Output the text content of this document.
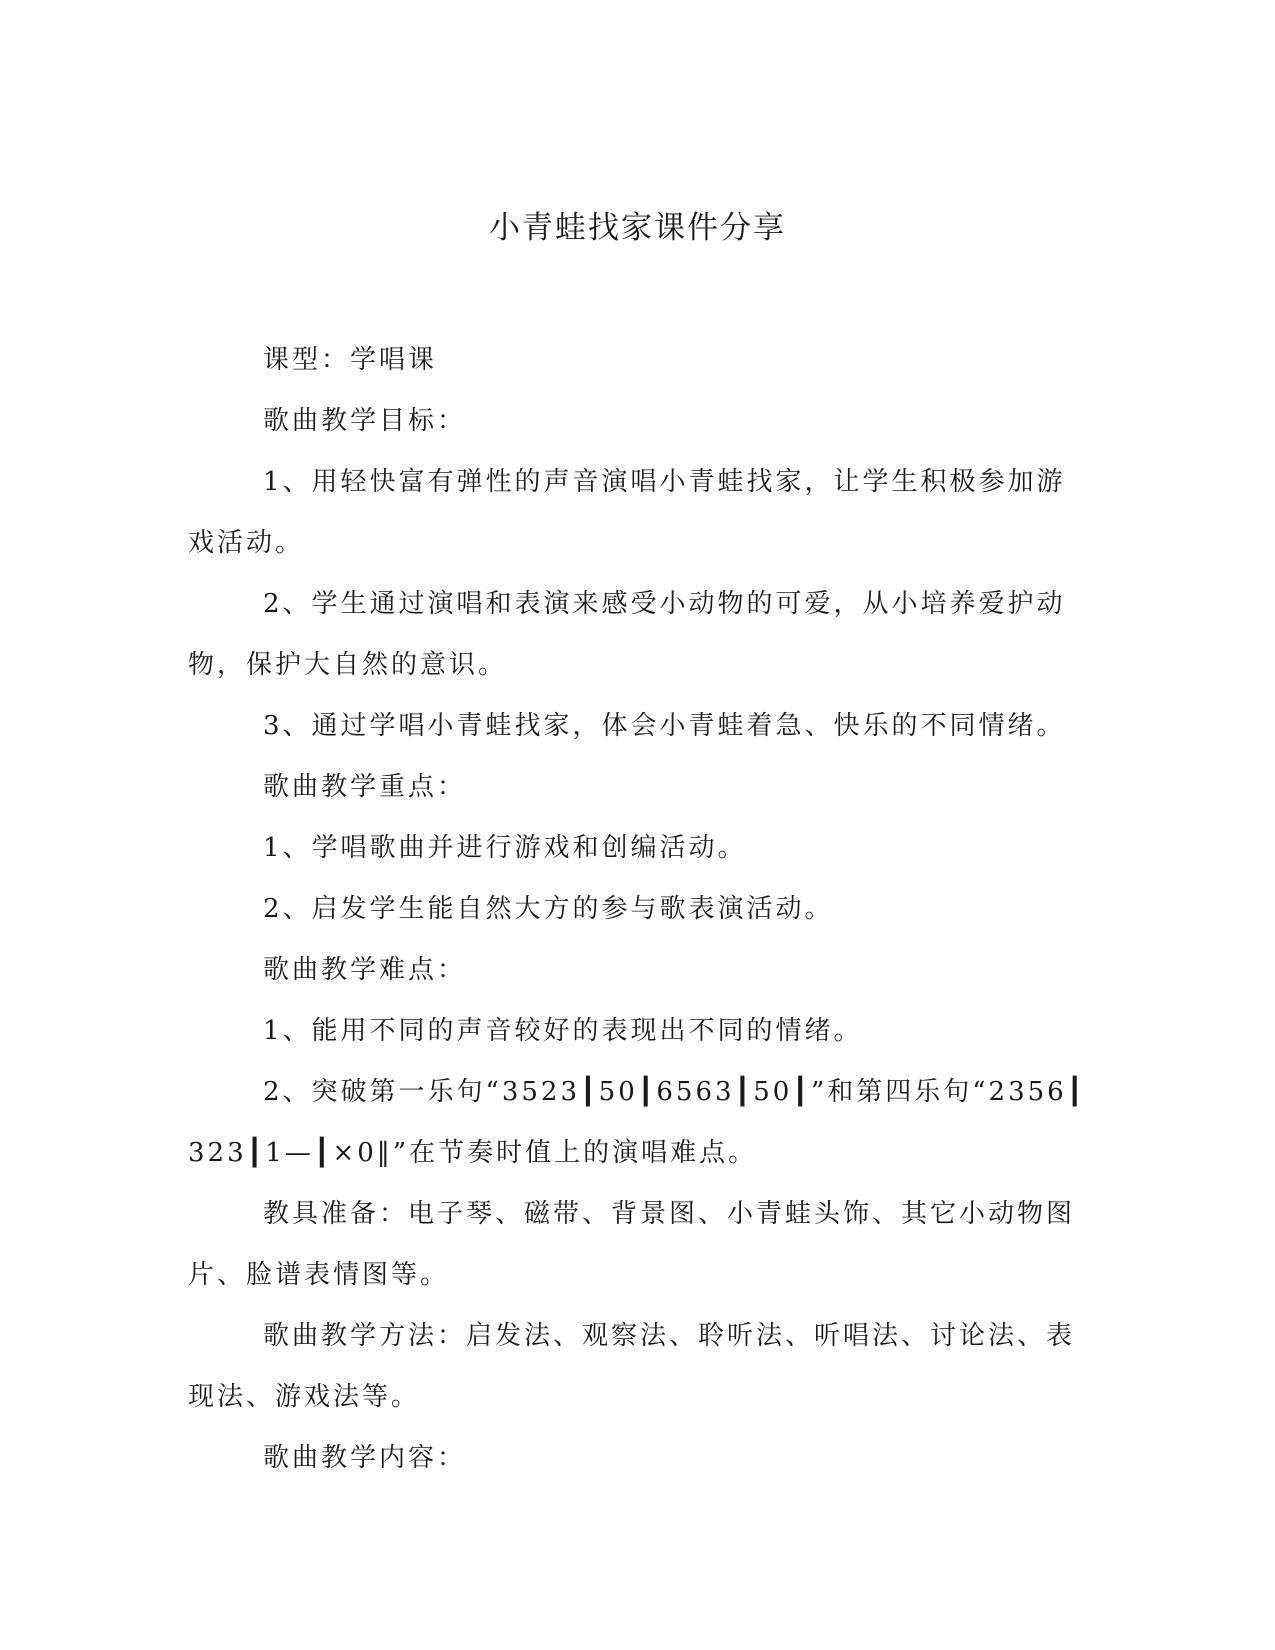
小青蛙找家课件分享

课型：学唱课

歌曲教学目标：

1、用轻快富有弹性的声音演唱小青蛙找家，让学生积极参加游戏活动。

2、学生通过演唱和表演来感受小动物的可爱，从小培养爱护动物，保护大自然的意识。

3、通过学唱小青蛙找家，体会小青蛙着急、快乐的不同情绪。

歌曲教学重点：

1、学唱歌曲并进行游戏和创编活动。

2、启发学生能自然大方的参与歌表演活动。

歌曲教学难点：

1、能用不同的声音较好的表现出不同的情绪。

2、突破第一乐句“3523┃50┃6563┃50┃”和第四乐句“2356┃323┃1—┃×0‖”在节奏时值上的演唱难点。

教具准备：电子琴、磁带、背景图、小青蛙头饰、其它小动物图片、脸谱表情图等。

歌曲教学方法：启发法、观察法、聆听法、听唱法、讨论法、表现法、游戏法等。

歌曲教学内容：
